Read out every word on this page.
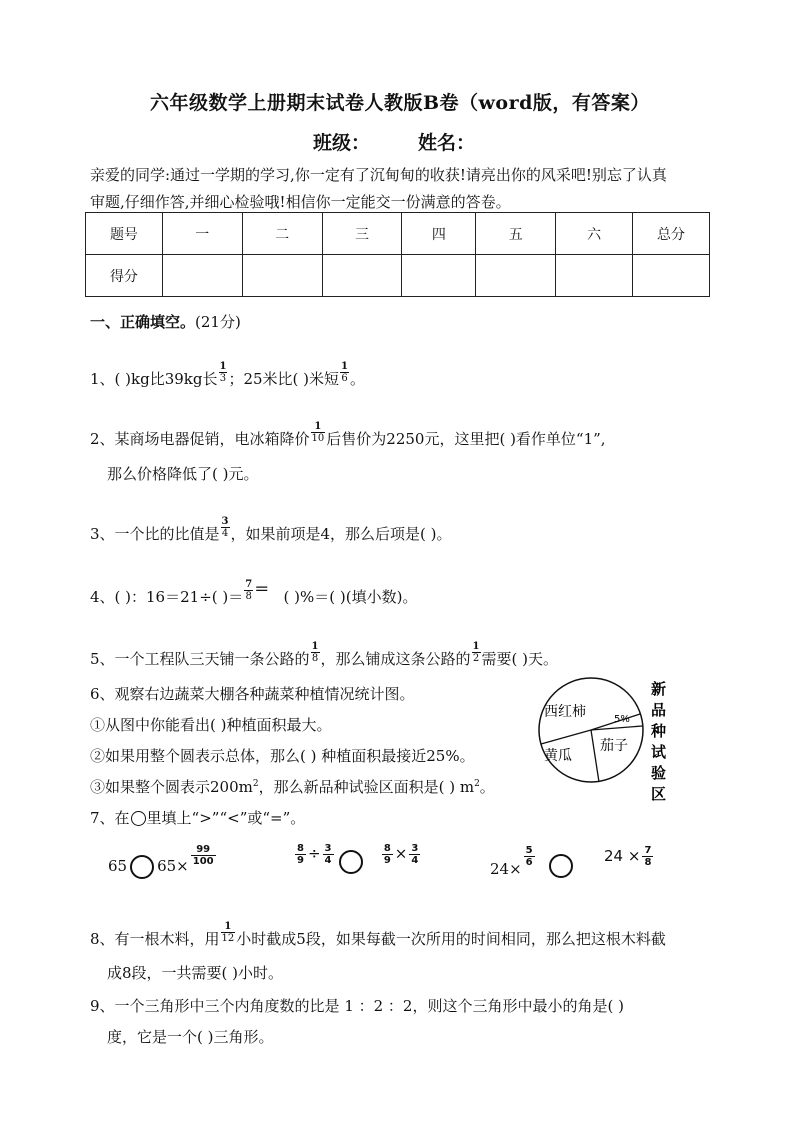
六年级数学上册期末试卷人教版B卷（word版，有答案）
班级：	姓名：
亲爱的同学:通过一学期的学习,你一定有了沉甸甸的收获!请亮出你的风采吧!别忘了认真
审题,仔细作答,并细心检验哦!相信你一定能交一份满意的答卷。
题号	一	二	三	四	五	六	总分
得分							
一、正确填空。(21分)
1、( )kg比39kg长 $\frac{1}{3}$ ；25米比( )米短 $\frac{1}{6}$ 。
2、某商场电器促销，电冰箱降价 $\frac{1}{10}$ 后售价为2250元，这里把( )看作单位“1”,
那么价格降低了( )元。
3、一个比的比值是 $\frac{3}{4}$ ，如果前项是4，那么后项是( )。
4、( )：16＝21÷( )＝ $\frac{7}{8}$ ＝ ( )%＝( )(填小数)。
5、一个工程队三天铺一条公路的 $\frac{1}{8}$ ，那么铺成这条公路的 $\frac{1}{2}$ 需要( )天。
6、观察右边蔬菜大棚各种蔬菜种植情况统计图。
①从图中你能看出( )种植面积最大。
②如果用整个圆表示总体，那么( ) 种植面积最接近25%。
③如果整个圆表示$200m^2$，那么新品种试验区面积是( ) $m^2$。
西红柿
黄瓜
茄子
5%
新
品
种
试
验
区
7、在 里填上“>”“<”或“=”。
65 $65\times \frac{99}{100}$	$\frac{8}{9} \div \frac{3}{4}$
	$\frac{8}{9} \times \frac{3}{4}$
24×
$\frac{5}{6}$
	$24 \times \frac{7}{8}$
8、有一根木料，用 $\frac{1}{12}$ 小时截成5段，如果每截一次所用的时间相同，那么把这根木料截
成8段，一共需要( )小时。
9、一个三角形中三个内角度数的比是 1 ：2 ：2，则这个三角形中最小的角是( )
度，它是一个( )三角形。
